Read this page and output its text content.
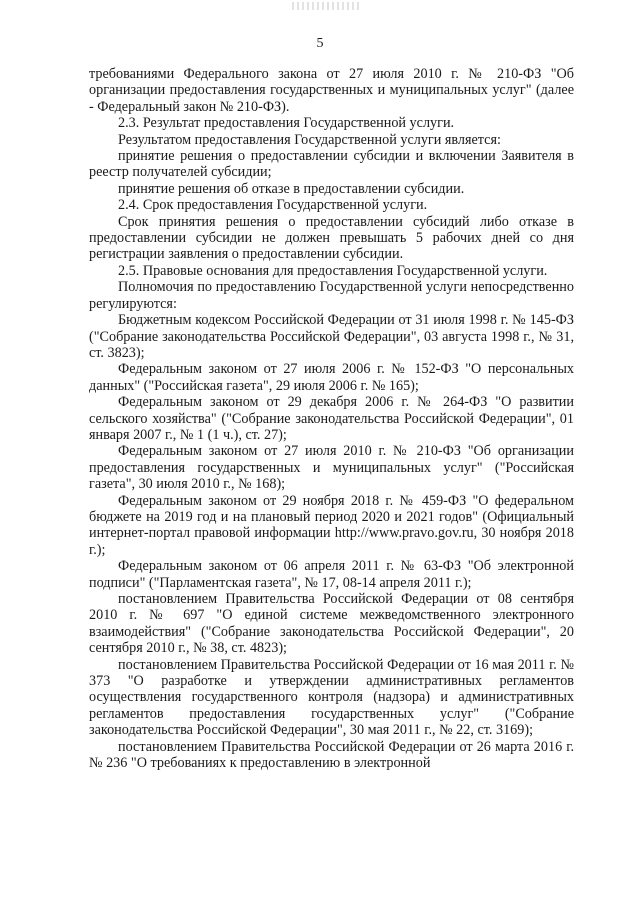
5

требованиями Федерального закона от 27 июля 2010 г. № 210-ФЗ "Об организации предоставления государственных и муниципальных услуг" (далее - Федеральный закон № 210-ФЗ).

2.3. Результат предоставления Государственной услуги.

Результатом предоставления Государственной услуги является:

принятие решения о предоставлении субсидии и включении Заявителя в реестр получателей субсидии;

принятие решения об отказе в предоставлении субсидии.

2.4. Срок предоставления Государственной услуги.

Срок принятия решения о предоставлении субсидий либо отказе в предоставлении субсидии не должен превышать 5 рабочих дней со дня регистрации заявления о предоставлении субсидии.

2.5. Правовые основания для предоставления Государственной услуги.

Полномочия по предоставлению Государственной услуги непосредственно регулируются:

Бюджетным кодексом Российской Федерации от 31 июля 1998 г. № 145-ФЗ ("Собрание законодательства Российской Федерации", 03 августа 1998 г., № 31, ст. 3823);

Федеральным законом от 27 июля 2006 г. № 152-ФЗ "О персональных данных" ("Российская газета", 29 июля 2006 г. № 165);

Федеральным законом от 29 декабря 2006 г. № 264-ФЗ "О развитии сельского хозяйства" ("Собрание законодательства Российской Федерации", 01 января 2007 г., № 1 (1 ч.), ст. 27);

Федеральным законом от 27 июля 2010 г. № 210-ФЗ "Об организации предоставления государственных и муниципальных услуг" ("Российская газета", 30 июля 2010 г., № 168);

Федеральным законом от 29 ноября 2018 г. № 459-ФЗ "О федеральном бюджете на 2019 год и на плановый период 2020 и 2021 годов" (Официальный интернет-портал правовой информации http://www.pravo.gov.ru, 30 ноября 2018 г.);

Федеральным законом от 06 апреля 2011 г. № 63-ФЗ "Об электронной подписи" ("Парламентская газета", № 17, 08-14 апреля 2011 г.);

постановлением Правительства Российской Федерации от 08 сентября 2010 г. № 697 "О единой системе межведомственного электронного взаимодействия" ("Собрание законодательства Российской Федерации", 20 сентября 2010 г., № 38, ст. 4823);

постановлением Правительства Российской Федерации от 16 мая 2011 г. № 373 "О разработке и утверждении административных регламентов осуществления государственного контроля (надзора) и административных регламентов предоставления государственных услуг" ("Собрание законодательства Российской Федерации", 30 мая 2011 г., № 22, ст. 3169);

постановлением Правительства Российской Федерации от 26 марта 2016 г. № 236 "О требованиях к предоставлению в электронной
